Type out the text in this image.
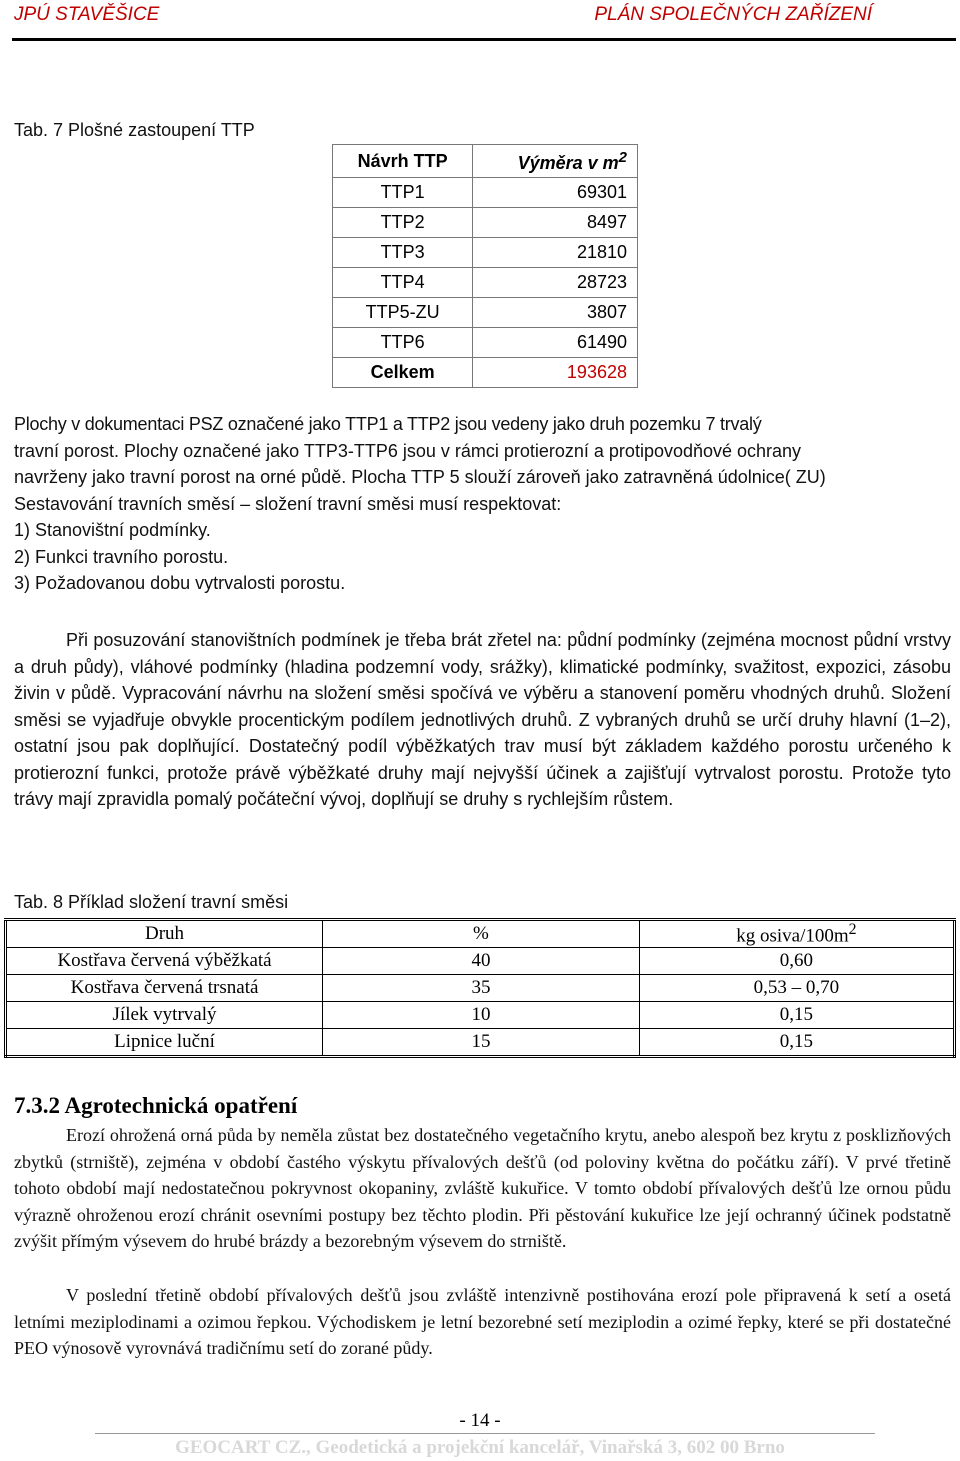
JPÚ STAVĚŠICE	PLÁN SPOLEČNÝCH ZAŘÍZENÍ
Tab. 7 Plošné zastoupení TTP
Návrh TTP	Výměra v $m^2$
TTP1	69301
TTP2	8497
TTP3	21810
TTP4	28723
TTP5-ZU	3807
TTP6	61490
Celkem	193628
Plochy v dokumentaci PSZ označené jako TTP1 a TTP2 jsou vedeny jako druh pozemku 7 trvalý
travní porost. Plochy označené jako TTP3-TTP6 jsou v rámci protierozní a protipovodňové ochrany
navrženy jako travní porost na orné půdě. Plocha TTP 5 slouží zároveň jako zatravněná údolnice( ZU)
Sestavování travních směsí – složení travní směsi musí respektovat:
1) Stanovištní podmínky.
2) Funkci travního porostu.
3) Požadovanou dobu vytrvalosti porostu.
Při posuzování stanovištních podmínek je třeba brát zřetel na: půdní podmínky (zejména mocnost půdní vrstvy a druh půdy), vláhové podmínky (hladina podzemní vody, srážky), klimatické podmínky, svažitost, expozici, zásobu živin v půdě. Vypracování návrhu na složení směsi spočívá ve výběru a stanovení poměru vhodných druhů. Složení směsi se vyjadřuje obvykle procentickým podílem jednotlivých druhů. Z vybraných druhů se určí druhy hlavní (1–2), ostatní jsou pak doplňující. Dostatečný podíl výběžkatých trav musí být základem každého porostu určeného k protierozní funkci, protože právě výběžkaté druhy mají nejvyšší účinek a zajišťují vytrvalost porostu. Protože tyto trávy mají zpravidla pomalý počáteční vývoj, doplňují se druhy s rychlejším růstem.
Tab. 8 Příklad složení travní směsi
Druh	%	kg osiva/$100m^2$
Kostřava červená výběžkatá	40	0,60
Kostřava červená trsnatá	35	0,53 – 0,70
Jílek vytrvalý	10	0,15
Lipnice luční	15	0,15
7.3.2 Agrotechnická opatření
Erozí ohrožená orná půda by neměla zůstat bez dostatečného vegetačního krytu, anebo alespoň bez krytu z posklizňových zbytků (strniště), zejména v období častého výskytu přívalových dešťů (od poloviny května do počátku září). V prvé třetině tohoto období mají nedostatečnou pokryvnost okopaniny, zvláště kukuřice. V tomto období přívalových dešťů lze ornou půdu výrazně ohroženou erozí chránit osevními postupy bez těchto plodin. Při pěstování kukuřice lze její ochranný účinek podstatně zvýšit přímým výsevem do hrubé brázdy a bezorebným výsevem do strniště.
V poslední třetině období přívalových dešťů jsou zvláště intenzivně postihována erozí pole připravená k setí a osetá letními meziplodinami a ozimou řepkou. Východiskem je letní bezorebné setí meziplodin a ozimé řepky, které se při dostatečné PEO výnosově vyrovnává tradičnímu setí do zorané půdy.
- 14 -
GEOCART CZ., Geodetická a projekční kancelář, Vinařská 3, 602 00 Brno
